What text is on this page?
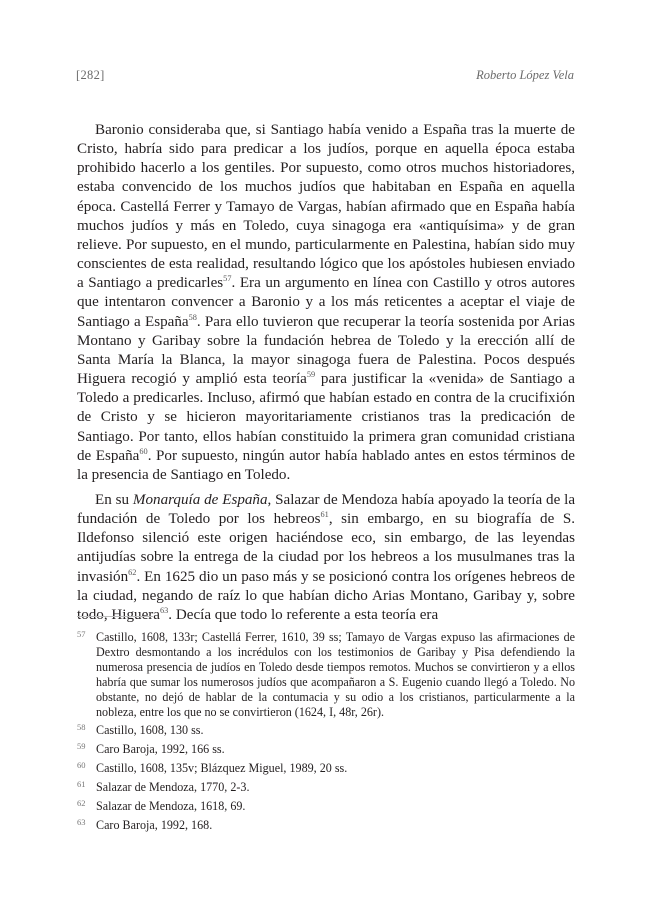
[282]	Roberto López Vela

Baronio consideraba que, si Santiago había venido a España tras la muerte de Cristo, habría sido para predicar a los judíos, porque en aquella época estaba prohibido hacerlo a los gentiles. Por supuesto, como otros muchos historiadores, estaba convencido de los muchos judíos que habitaban en España en aquella época. Castellá Ferrer y Tamayo de Vargas, habían afirmado que en España había muchos judíos y más en Toledo, cuya sinagoga era «antiquísima» y de gran relieve. Por supuesto, en el mundo, particularmente en Palestina, habían sido muy conscientes de esta realidad, resultando lógico que los apóstoles hubiesen enviado a Santiago a predicarles$^{57}$. Era un argumento en línea con Castillo y otros autores que intentaron convencer a Baronio y a los más reticentes a aceptar el viaje de Santiago a España$^{58}$. Para ello tuvieron que recuperar la teoría sostenida por Arias Montano y Garibay sobre la fundación hebrea de Toledo y la erección allí de Santa María la Blanca, la mayor sinagoga fuera de Palestina. Pocos después Higuera recogió y amplió esta teoría$^{59}$ para justificar la «venida» de Santiago a Toledo a predicarles. Incluso, afirmó que habían estado en contra de la crucifixión de Cristo y se hicieron mayoritariamente cristianos tras la predicación de Santiago. Por tanto, ellos habían constituido la primera gran comunidad cristiana de España$^{60}$. Por supuesto, ningún autor había hablado antes en estos términos de la presencia de Santiago en Toledo.

En su Monarquía de España, Salazar de Mendoza había apoyado la teoría de la fundación de Toledo por los hebreos$^{61}$, sin embargo, en su biografía de S. Ildefonso silenció este origen haciéndose eco, sin embargo, de las leyendas antijudías sobre la entrega de la ciudad por los hebreos a los musulmanes tras la invasión$^{62}$. En 1625 dio un paso más y se posicionó contra los orígenes hebreos de la ciudad, negando de raíz lo que habían dicho Arias Montano, Garibay y, sobre todo, Higuera$^{63}$. Decía que todo lo referente a esta teoría era

57 Castillo, 1608, 133r; Castellá Ferrer, 1610, 39 ss; Tamayo de Vargas expuso las afirmaciones de Dextro desmontando a los incrédulos con los testimonios de Garibay y Pisa defendiendo la numerosa presencia de judíos en Toledo desde tiempos remotos. Muchos se convirtieron y a ellos habría que sumar los numerosos judíos que acompañaron a S. Eugenio cuando llegó a Toledo. No obstante, no dejó de hablar de la contumacia y su odio a los cristianos, particularmente a la nobleza, entre los que no se convirtieron (1624, I, 48r, 26r).
58 Castillo, 1608, 130 ss.
59 Caro Baroja, 1992, 166 ss.
60 Castillo, 1608, 135v; Blázquez Miguel, 1989, 20 ss.
61 Salazar de Mendoza, 1770, 2-3.
62 Salazar de Mendoza, 1618, 69.
63 Caro Baroja, 1992, 168.
